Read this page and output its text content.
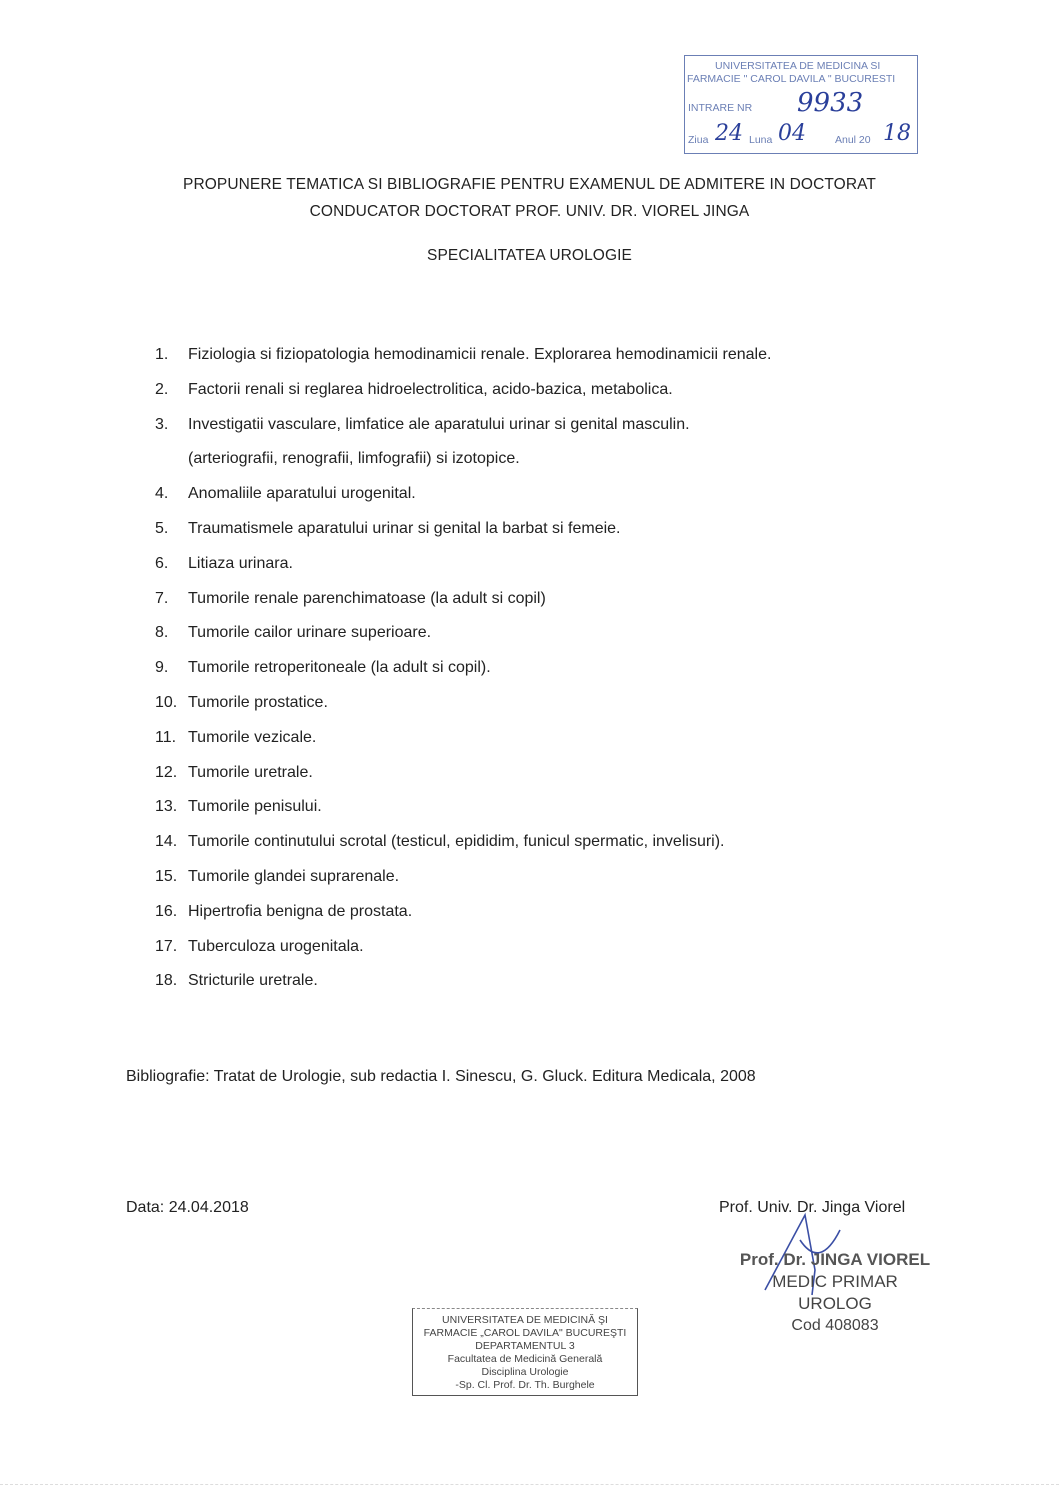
UNIVERSITATEA DE MEDICINA SI
FARMACIE " CAROL DAVILA " BUCURESTI
INTRARE NR 9933
Ziua 24 Luna 04	Anul 20 18
PROPUNERE TEMATICA SI BIBLIOGRAFIE PENTRU EXAMENUL DE ADMITERE IN DOCTORAT
CONDUCATOR DOCTORAT PROF. UNIV. DR. VIOREL JINGA
SPECIALITATEA UROLOGIE
1.	Fiziologia si fiziopatologia hemodinamicii renale. Explorarea hemodinamicii renale.
2.	Factorii renali si reglarea hidroelectrolitica, acido-bazica, metabolica.
3.	Investigatii vasculare, limfatice ale aparatului urinar si genital masculin.
(arteriografii, renografii, limfografii) si izotopice.
4.	Anomaliile aparatului urogenital.
5.	Traumatismele aparatului urinar si genital la barbat si femeie.
6.	Litiaza urinara.
7.	Tumorile renale parenchimatoase (la adult si copil)
8.	Tumorile cailor urinare superioare.
9.	Tumorile retroperitoneale (la adult si copil).
10. Tumorile prostatice.
11. Tumorile vezicale.
12. Tumorile uretrale.
13. Tumorile penisului.
14. Tumorile continutului scrotal (testicul, epididim, funicul spermatic, invelisuri).
15. Tumorile glandei suprarenale.
16. Hipertrofia benigna de prostata.
17. Tuberculoza urogenitala.
18. Stricturile uretrale.
Bibliografie: Tratat de Urologie, sub redactia I. Sinescu, G. Gluck. Editura Medicala, 2008
Data: 24.04.2018	Prof. Univ. Dr. Jinga Viorel
Prof. Dr. JINGA VIOREL
MEDIC PRIMAR UROLOG
Cod 408083
UNIVERSITATEA DE MEDICINĂ ŞI
FARMACIE „CAROL DAVILA" BUCUREŞTI
DEPARTAMENTUL 3
Facultatea de Medicină Generală
Disciplina Urologie
-Sp. Cl. Prof. Dr. Th. Burghele
